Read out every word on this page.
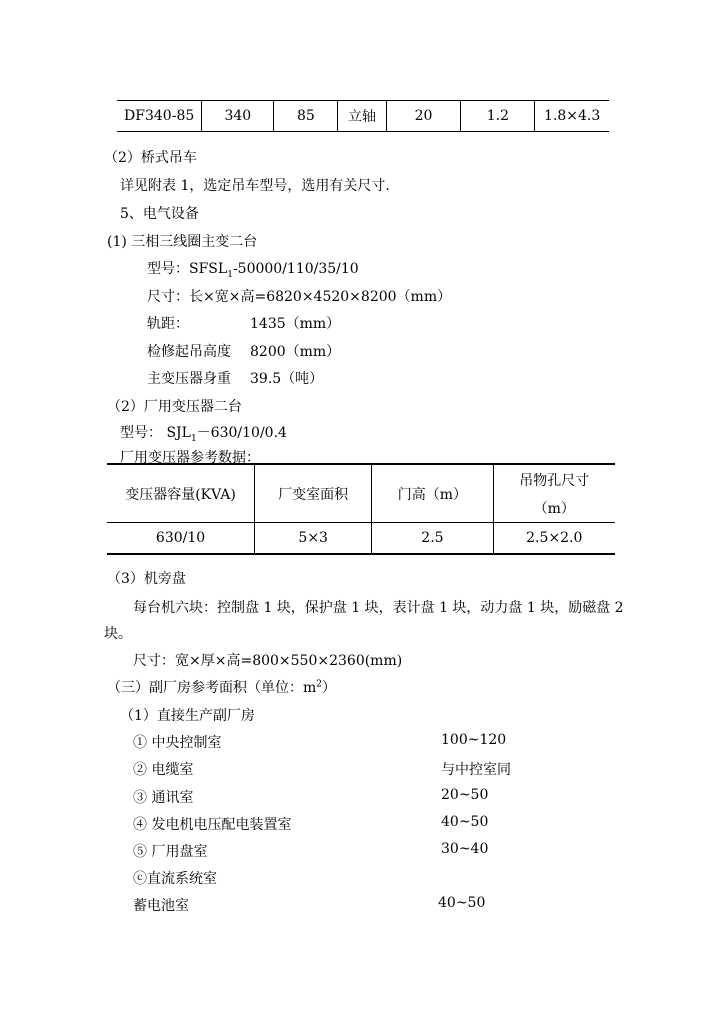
DF340-85	340	85	立轴	20	1.2	1.8×4.3
（2）桥式吊车
详见附表 1，选定吊车型号，选用有关尺寸.
5、电气设备
(1) 三相三线圈主变二台
型号：$SFSL_1-50000/110/35/10$
尺寸：长×宽×高=6820×4520×8200（mm）
轨距：	1435（mm）
检修起吊高度 8200（mm）
主变压器身重 39.5（吨）
（2）厂用变压器二台
型号： $SJL_1-630/10/0.4$
厂用变压器参考数据：
变压器容量(KVA)	厂变室面积	门高（m）	吊物孔尺寸
（m）

630/10	5×3	2.5	2.5×2.0
（3）机旁盘
每台机六块：控制盘 1 块，保护盘 1 块，表计盘 1 块，动力盘 1 块，励磁盘 2
块。
尺寸：宽×厚×高=800×550×2360(mm)
（三）副厂房参考面积（单位：$m^2$）
（1）直接生产副厂房
① 中央控制室	100~120
② 电缆室	与中控室同
③ 通讯室	20~50
④ 发电机电压配电装置室	40~50
⑤ 厂用盘室	30~40
ⓒ直流系统室
蓄电池室	40~50
